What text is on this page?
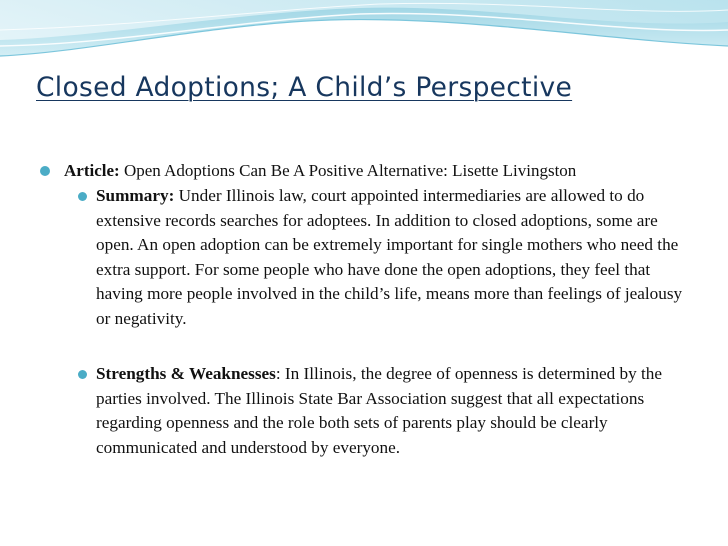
Closed Adoptions; A Child’s Perspective
Article: Open Adoptions Can Be A Positive Alternative: Lisette Livingston
Summary: Under Illinois law, court appointed intermediaries are allowed to do extensive records searches for adoptees. In addition to closed adoptions, some are open. An open adoption can be extremely important for single mothers who need the extra support. For some people who have done the open adoptions, they feel that having more people involved in the child’s life, means more than feelings of jealousy or negativity.
Strengths & Weaknesses: In Illinois, the degree of openness is determined by the parties involved. The Illinois State Bar Association suggest that all expectations regarding openness and the role both sets of parents play should be clearly communicated and understood by everyone.
